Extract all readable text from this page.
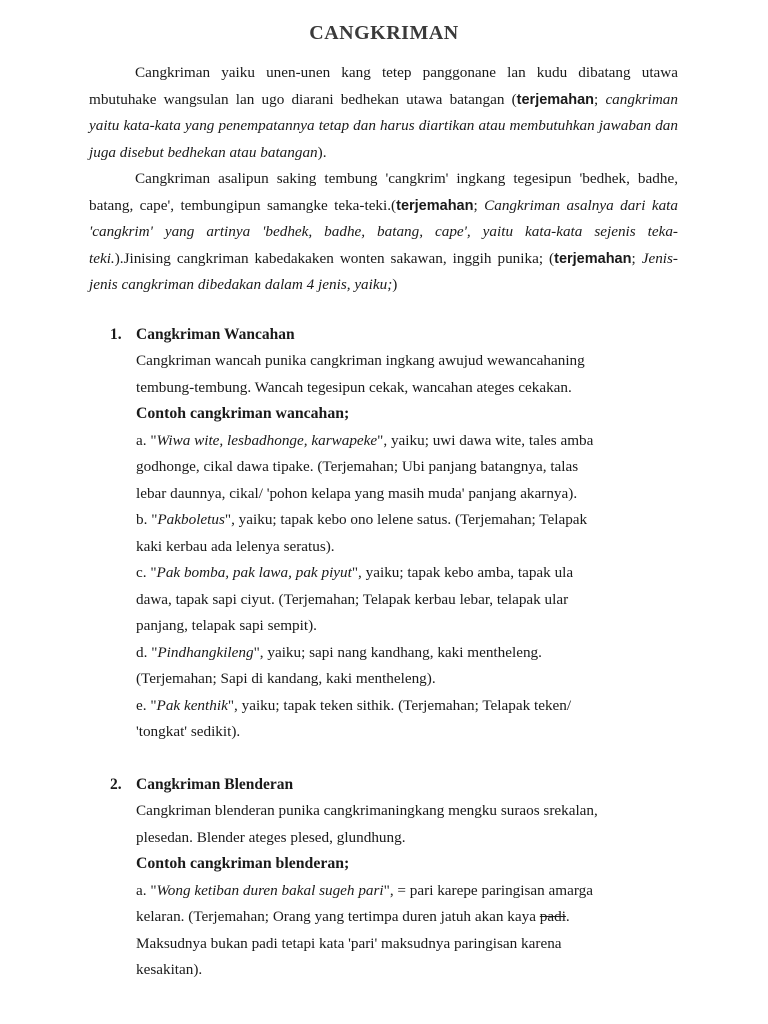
CANGKRIMAN

Cangkriman yaiku unen-unen kang tetep panggonane lan kudu dibatang utawa mbutuhake wangsulan lan ugo diarani bedhekan utawa batangan (terjemahan; cangkriman yaitu kata-kata yang penempatannya tetap dan harus diartikan atau membutuhkan jawaban dan juga disebut bedhekan atau batangan).

Cangkriman asalipun saking tembung 'cangkrim' ingkang tegesipun 'bedhek, badhe, batang, cape', tembungipun samangke teka-teki.(terjemahan; Cangkriman asalnya dari kata 'cangkrim' yang artinya 'bedhek, badhe, batang, cape', yaitu kata-kata sejenis teka-teki.).Jinising cangkriman kabedakaken wonten sakawan, inggih punika; (terjemahan; Jenis-jenis cangkriman dibedakan dalam 4 jenis, yaiku;)

1. Cangkriman Wancahan
Cangkriman wancah punika cangkriman ingkang awujud wewancahaning
tembung-tembung. Wancah tegesipun cekak, wancahan ateges cekakan.
Contoh cangkriman wancahan;
a. "Wiwa wite, lesbadhonge, karwapeke", yaiku; uwi dawa wite, tales amba
godhonge, cikal dawa tipake. (Terjemahan; Ubi panjang batangnya, talas
lebar daunnya, cikal/ 'pohon kelapa yang masih muda' panjang akarnya).
b. "Pakboletus", yaiku; tapak kebo ono lelene satus. (Terjemahan; Telapak
kaki kerbau ada lelenya seratus).
c. "Pak bomba, pak lawa, pak piyut", yaiku; tapak kebo amba, tapak ula
dawa, tapak sapi ciyut. (Terjemahan; Telapak kerbau lebar, telapak ular
panjang, telapak sapi sempit).
d. "Pindhangkileng", yaiku; sapi nang kandhang, kaki mentheleng.
(Terjemahan; Sapi di kandang, kaki mentheleng).
e. "Pak kenthik", yaiku; tapak teken sithik. (Terjemahan; Telapak teken/
'tongkat' sedikit).
2. Cangkriman Blenderan
Cangkriman blenderan punika cangkrimaningkang mengku suraos srekalan,
plesedan. Blender ateges plesed, glundhung.
Contoh cangkriman blenderan;
a. "Wong ketiban duren bakal sugeh pari", = pari karepe paringisan amarga
kelaran. (Terjemahan; Orang yang tertimpa duren jatuh akan kaya padi.
Maksudnya bukan padi tetapi kata 'pari' maksudnya paringisan karena
kesakitan).
